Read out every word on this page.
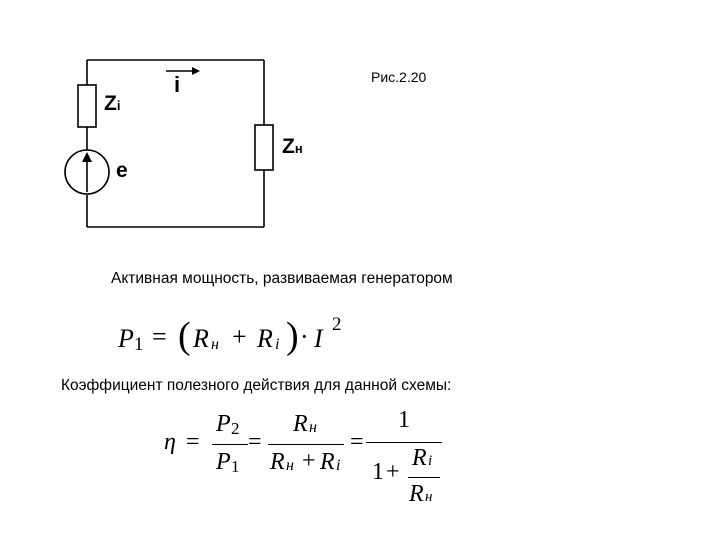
Zi
i
Zн
e
Рис.2.20
Активная мощность, развиваемая генератором
P 1 = ( R н + R i ) · I 2
Коэффициент полезного действия для данной схемы:
η =
P 2
P 1
=
R н
R н + R i
=
1
1 +
R i
R н
